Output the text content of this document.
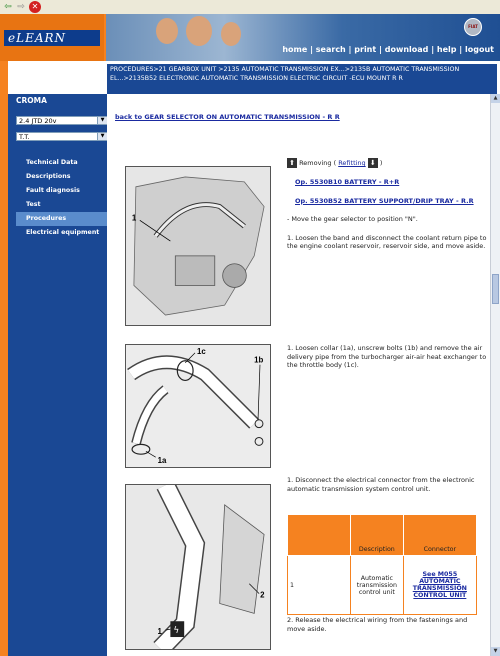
⇦ ⇨ ✕
eLEARN
FIAT
home | search | print | download | help | logout
PROCEDURES>21 GEARBOX UNIT >2135 AUTOMATIC TRANSMISSION EX...>2135B AUTOMATIC TRANSMISSION EL...>2135B52 ELECTRONIC AUTOMATIC TRANSMISSION ELECTRIC CIRCUIT -ECU MOUNT R R
CROMA
2.4 JTD 20v	▼
T.T.	▼
Technical Data
Descriptions
Fault diagnosis
Test
Procedures
Electrical equipment
back to GEAR SELECTOR ON AUTOMATIC TRANSMISSION - R R
1
⬆ Removing ( Refitting ⬇ )
Op. 5530B10 BATTERY - R+R
Op. 5530B52 BATTERY SUPPORT/DRIP TRAY - R.R
- Move the gear selector to position "N".
1. Loosen the band and disconnect the coolant return pipe to the engine coolant reservoir, reservoir side, and move aside.
1c
1b
1a
1. Loosen collar (1a), unscrew bolts (1b) and remove the air delivery pipe from the turbocharger air-air heat exchanger to the throttle body (1c).
ϟ
2
1
1. Disconnect the electrical connector from the electronic automatic transmission system control unit.
	Description	Connector
1	Automatic transmission control unit	See M055 AUTOMATIC TRANSMISSION CONTROL UNIT
2. Release the electrical wiring from the fastenings and move aside.
▲
▼
